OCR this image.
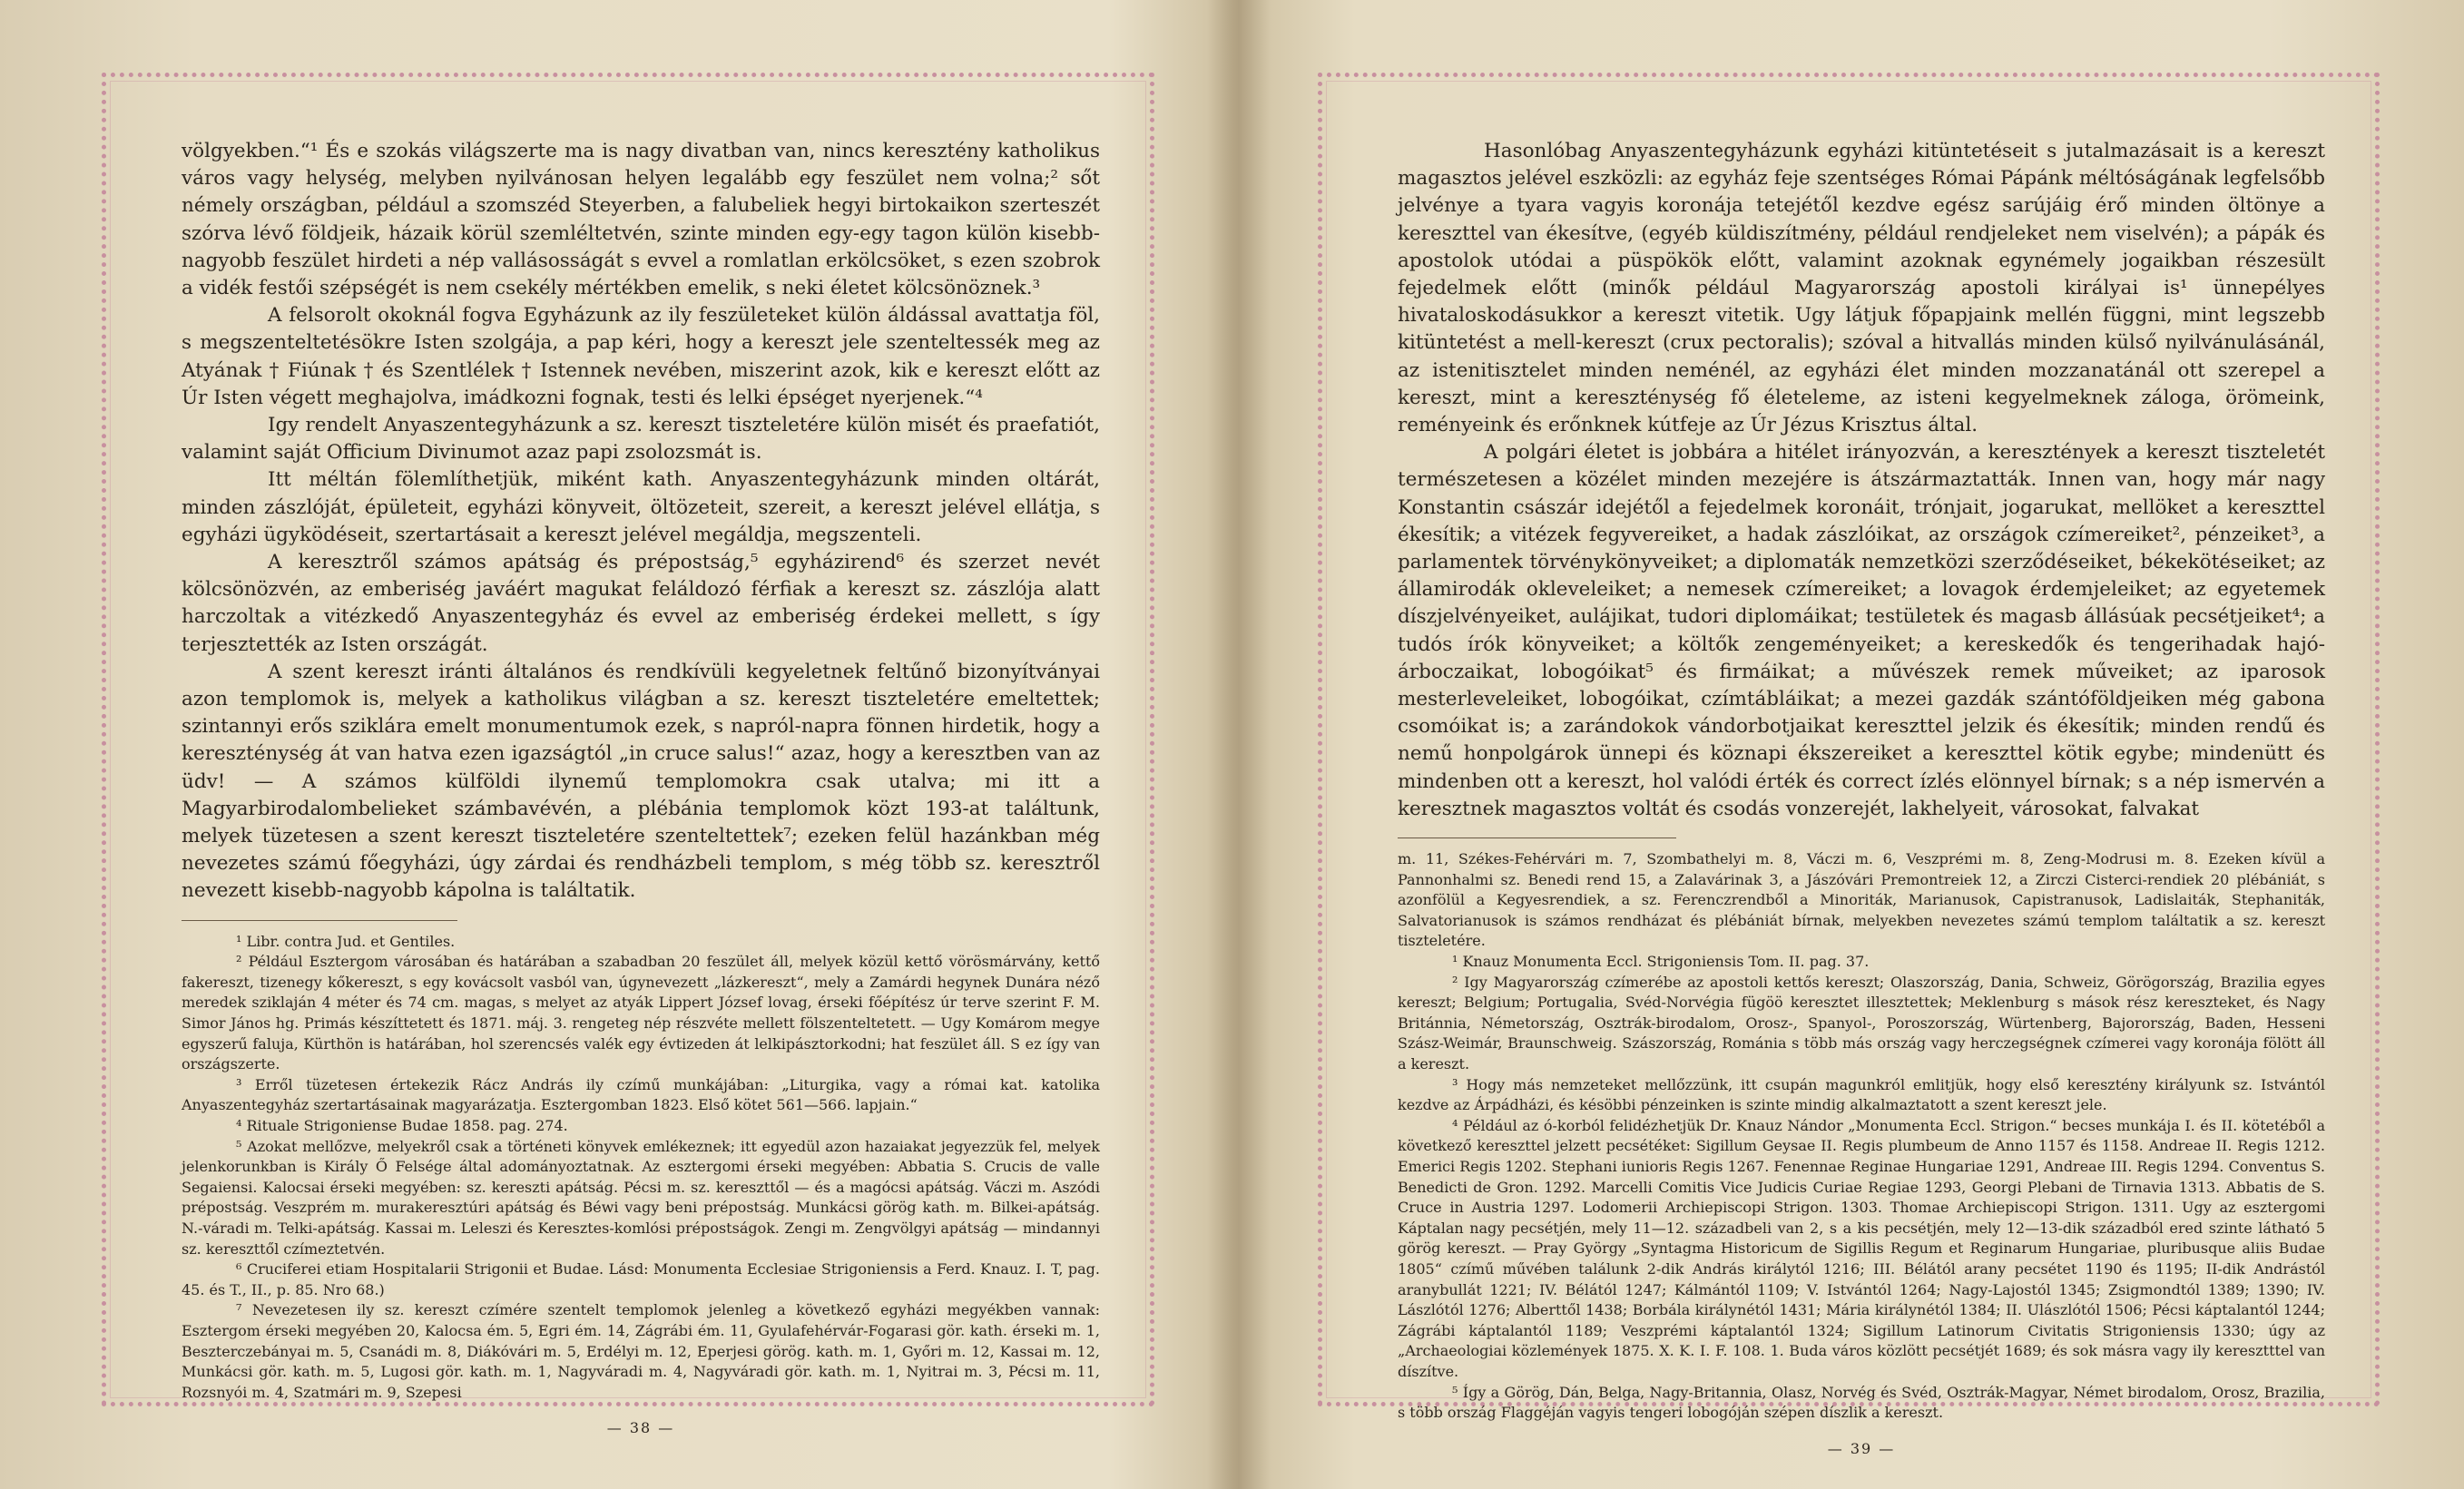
völgyekben.“¹ És e szokás világszerte ma is nagy divatban van, nincs keresztény katholikus város vagy helység, melyben nyilvánosan helyen legalább egy feszület nem volna;² sőt némely országban, például a szomszéd Steyerben, a falubeliek hegyi birtokaikon szerteszét szórva lévő földjeik, házaik körül szemléltetvén, szinte minden egy-egy tagon külön kisebb-nagyobb feszület hirdeti a nép vallásosságát s evvel a romlatlan erkölcsöket, s ezen szobrok a vidék festői szépségét is nem csekély mértékben emelik, s neki életet kölcsönöznek.³

A felsorolt okoknál fogva Egyházunk az ily feszületeket külön áldással avattatja föl, s megszenteltetésökre Isten szolgája, a pap kéri, hogy a kereszt jele szenteltessék meg az Atyának † Fiúnak † és Szentlélek † Istennek nevében, miszerint azok, kik e kereszt előtt az Úr Isten végett meghajolva, imádkozni fognak, testi és lelki épséget nyerjenek.“⁴

Igy rendelt Anyaszentegyházunk a sz. kereszt tiszteletére külön misét és praefatiót, valamint saját Officium Divinumot azaz papi zsolozsmát is.

Itt méltán fölemlíthetjük, miként kath. Anyaszentegyházunk minden oltárát, minden zászlóját, épületeit, egyházi könyveit, öltözeteit, szereit, a kereszt jelével ellátja, s egyházi ügyködéseit, szertartásait a kereszt jelével megáldja, megszenteli.

A keresztről számos apátság és prépostság,⁵ egyházirend⁶ és szerzet nevét kölcsönözvén, az emberiség javáért magukat feláldozó férfiak a kereszt sz. zászlója alatt harczoltak a vitézkedő Anyaszentegyház és evvel az emberiség érdekei mellett, s így terjesztették az Isten országát.

A szent kereszt iránti általános és rendkívüli kegyeletnek feltűnő bizonyítványai azon templomok is, melyek a katholikus világban a sz. kereszt tiszteletére emeltettek; szintannyi erős sziklára emelt monumentumok ezek, s napról-napra fönnen hirdetik, hogy a kereszténység át van hatva ezen igazságtól „in cruce salus!“ azaz, hogy a keresztben van az üdv! — A számos külföldi ilynemű templomokra csak utalva; mi itt a Magyarbirodalombelieket számbavévén, a plébánia templomok közt 193-at találtunk, melyek tüzetesen a szent kereszt tiszteletére szenteltettek⁷; ezeken felül hazánkban még nevezetes számú főegyházi, úgy zárdai és rendházbeli templom, s még több sz. keresztről nevezett kisebb-nagyobb kápolna is találtatik.

¹ Libr. contra Jud. et Gentiles.

² Például Esztergom városában és határában a szabadban 20 feszület áll, melyek közül kettő vörösmárvány, kettő fakereszt, tizenegy kőkereszt, s egy kovácsolt vasból van, úgynevezett „lázkereszt“, mely a Zamárdi hegynek Dunára néző meredek sziklaján 4 méter és 74 cm. magas, s melyet az atyák Lippert József lovag, érseki főépítész úr terve szerint F. M. Simor János hg. Primás készíttetett és 1871. máj. 3. rengeteg nép részvéte mellett fölszenteltetett. — Ugy Komárom megye egyszerű faluja, Kürthön is határában, hol szerencsés valék egy évtizeden át lelkipásztorkodni; hat feszület áll. S ez így van országszerte.

³ Erről tüzetesen értekezik Rácz András ily czímű munkájában: „Liturgika, vagy a római kat. katolika Anyaszentegyház szertartásainak magyarázatja. Esztergomban 1823. Első kötet 561—566. lapjain.“

⁴ Rituale Strigoniense Budae 1858. pag. 274.

⁵ Azokat mellőzve, melyekről csak a történeti könyvek emlékeznek; itt egyedül azon hazaiakat jegyezzük fel, melyek jelenkorunkban is Király Ő Felsége által adományoztatnak. Az esztergomi érseki megyében: Abbatia S. Crucis de valle Segaiensi. Kalocsai érseki megyében: sz. kereszti apátság. Pécsi m. sz. kereszttől — és a magócsi apátság. Váczi m. Aszódi prépostság. Veszprém m. murakeresztúri apátság és Béwi vagy beni prépostság. Munkácsi görög kath. m. Bilkei-apátság. N.-váradi m. Telki-apátság. Kassai m. Leleszi és Keresztes-komlósi prépostságok. Zengi m. Zengvölgyi apátság — mindannyi sz. kereszttől czímeztetvén.

⁶ Cruciferei etiam Hospitalarii Strigonii et Budae. Lásd: Monumenta Ecclesiae Strigoniensis a Ferd. Knauz. I. T, pag. 45. és T., II., p. 85. Nro 68.)

⁷ Nevezetesen ily sz. kereszt czímére szentelt templomok jelenleg a következő egyházi megyékben vannak: Esztergom érseki megyében 20, Kalocsa ém. 5, Egri ém. 14, Zágrábi ém. 11, Gyulafehérvár-Fogarasi gör. kath. érseki m. 1, Beszterczebányai m. 5, Csanádi m. 8, Diákóvári m. 5, Erdélyi m. 12, Eperjesi görög. kath. m. 1, Győri m. 12, Kassai m. 12, Munkácsi gör. kath. m. 5, Lugosi gör. kath. m. 1, Nagyváradi m. 4, Nagyváradi gör. kath. m. 1, Nyitrai m. 3, Pécsi m. 11, Rozsnyói m. 4, Szatmári m. 9, Szepesi

— 38 —

Hasonlóbag Anyaszentegyházunk egyházi kitüntetéseit s jutalmazásait is a kereszt magasztos jelével eszközli: az egyház feje szentséges Római Pápánk méltóságának legfelsőbb jelvénye a tyara vagyis koronája tetejétől kezdve egész sarújáig érő minden öltönye a kereszttel van ékesítve, (egyéb küldiszítmény, például rendjeleket nem viselvén); a pápák és apostolok utódai a püspökök előtt, valamint azoknak egynémely jogaikban részesült fejedelmek előtt (minők például Magyarország apostoli királyai is¹ ünnepélyes hivataloskodásukkor a kereszt vitetik. Ugy látjuk főpapjaink mellén függni, mint legszebb kitüntetést a mell-kereszt (crux pectoralis); szóval a hitvallás minden külső nyilvánulásánál, az istenitisztelet minden neménél, az egyházi élet minden mozzanatánál ott szerepel a kereszt, mint a kereszténység fő életeleme, az isteni kegyelmeknek záloga, örömeink, reményeink és erőnknek kútfeje az Úr Jézus Krisztus által.

A polgári életet is jobbára a hitélet irányozván, a keresztények a kereszt tiszteletét természetesen a közélet minden mezejére is átszármaztatták. Innen van, hogy már nagy Konstantin császár idejétől a fejedelmek koronáit, trónjait, jogarukat, mellöket a kereszttel ékesítik; a vitézek fegyvereiket, a hadak zászlóikat, az országok czímereiket², pénzeiket³, a parlamentek törvénykönyveiket; a diplomaták nemzetközi szerződéseiket, békekötéseiket; az államirodák okleveleiket; a nemesek czímereiket; a lovagok érdemjeleiket; az egyetemek díszjelvényeiket, aulájikat, tudori diplomáikat; testületek és magasb állásúak pecsétjeiket⁴; a tudós írók könyveiket; a költők zengeményeiket; a kereskedők és tengerihadak hajó-árboczaikat, lobogóikat⁵ és firmáikat; a művészek remek műveiket; az iparosok mesterleveleiket, lobogóikat, czímtábláikat; a mezei gazdák szántóföldjeiken még gabona csomóikat is; a zarándokok vándorbotjaikat kereszttel jelzik és ékesítik; minden rendű és nemű honpolgárok ünnepi és köznapi ékszereiket a kereszttel kötik egybe; mindenütt és mindenben ott a kereszt, hol valódi érték és correct ízlés elönnyel bírnak; s a nép ismervén a keresztnek magasztos voltát és csodás vonzerejét, lakhelyeit, városokat, falvakat

m. 11, Székes-Fehérvári m. 7, Szombathelyi m. 8, Váczi m. 6, Veszprémi m. 8, Zeng-Modrusi m. 8. Ezeken kívül a Pannonhalmi sz. Benedi rend 15, a Zalavárinak 3, a Jászóvári Premontreiek 12, a Zirczi Cisterci-rendiek 20 plébániát, s azonfölül a Kegyesrendiek, a sz. Ferenczrendből a Minoriták, Marianusok, Capistranusok, Ladislaiták, Stephaniták, Salvatorianusok is számos rendházat és plébániát bírnak, melyekben nevezetes számú templom találtatik a sz. kereszt tiszteletére.

¹ Knauz Monumenta Eccl. Strigoniensis Tom. II. pag. 37.

² Igy Magyarország czímerébe az apostoli kettős kereszt; Olaszország, Dania, Schweiz, Görögország, Brazilia egyes kereszt; Belgium; Portugalia, Svéd-Norvégia fügöö keresztet illesztettek; Meklenburg s mások rész kereszteket, és Nagy Británnia, Németország, Osztrák-birodalom, Orosz-, Spanyol-, Poroszország, Würtenberg, Bajorország, Baden, Hesseni Szász-Weimár, Braunschweig. Szászország, Románia s több más ország vagy herczegségnek czímerei vagy koronája fölött áll a kereszt.

³ Hogy más nemzeteket mellőzzünk, itt csupán magunkról emlitjük, hogy első keresztény királyunk sz. Istvántól kezdve az Árpádházi, és késöbbi pénzeinken is szinte mindig alkalmaztatott a szent kereszt jele.

⁴ Például az ó-korból felidézhetjük Dr. Knauz Nándor „Monumenta Eccl. Strigon.“ becses munkája I. és II. kötetéből a következő kereszttel jelzett pecsétéket: Sigillum Geysae II. Regis plumbeum de Anno 1157 és 1158. Andreae II. Regis 1212. Emerici Regis 1202. Stephani iunioris Regis 1267. Fenennae Reginae Hungariae 1291, Andreae III. Regis 1294. Conventus S. Benedicti de Gron. 1292. Marcelli Comitis Vice Judicis Curiae Regiae 1293, Georgi Plebani de Tirnavia 1313. Abbatis de S. Cruce in Austria 1297. Lodomerii Archiepiscopi Strigon. 1303. Thomae Archiepiscopi Strigon. 1311. Ugy az esztergomi Káptalan nagy pecsétjén, mely 11—12. századbeli van 2, s a kis pecsétjén, mely 12—13-dik századból ered szinte látható 5 görög kereszt. — Pray György „Syntagma Historicum de Sigillis Regum et Reginarum Hungariae, pluribusque aliis Budae 1805“ czímű művében találunk 2-dik András királytól 1216; III. Bélától arany pecsétet 1190 és 1195; II-dik Andrástól aranybullát 1221; IV. Bélától 1247; Kálmántól 1109; V. Istvántól 1264; Nagy-Lajostól 1345; Zsigmondtól 1389; 1390; IV. Lászlótól 1276; Alberttől 1438; Borbála királynétól 1431; Mária királynétól 1384; II. Ulászlótól 1506; Pécsi káptalantól 1244; Zágrábi káptalantól 1189; Veszprémi káptalantól 1324; Sigillum Latinorum Civitatis Strigoniensis 1330; úgy az „Archaeologiai közlemények 1875. X. K. I. F. 108. 1. Buda város közlött pecsétjét 1689; és sok másra vagy ily keresztttel van díszítve.

⁵ Így a Görög, Dán, Belga, Nagy-Britannia, Olasz, Norvég és Svéd, Osztrák-Magyar, Német birodalom, Orosz, Brazilia, s több ország Flaggéján vagyis tengeri lobogóján szépen díszlik a kereszt.

— 39 —
